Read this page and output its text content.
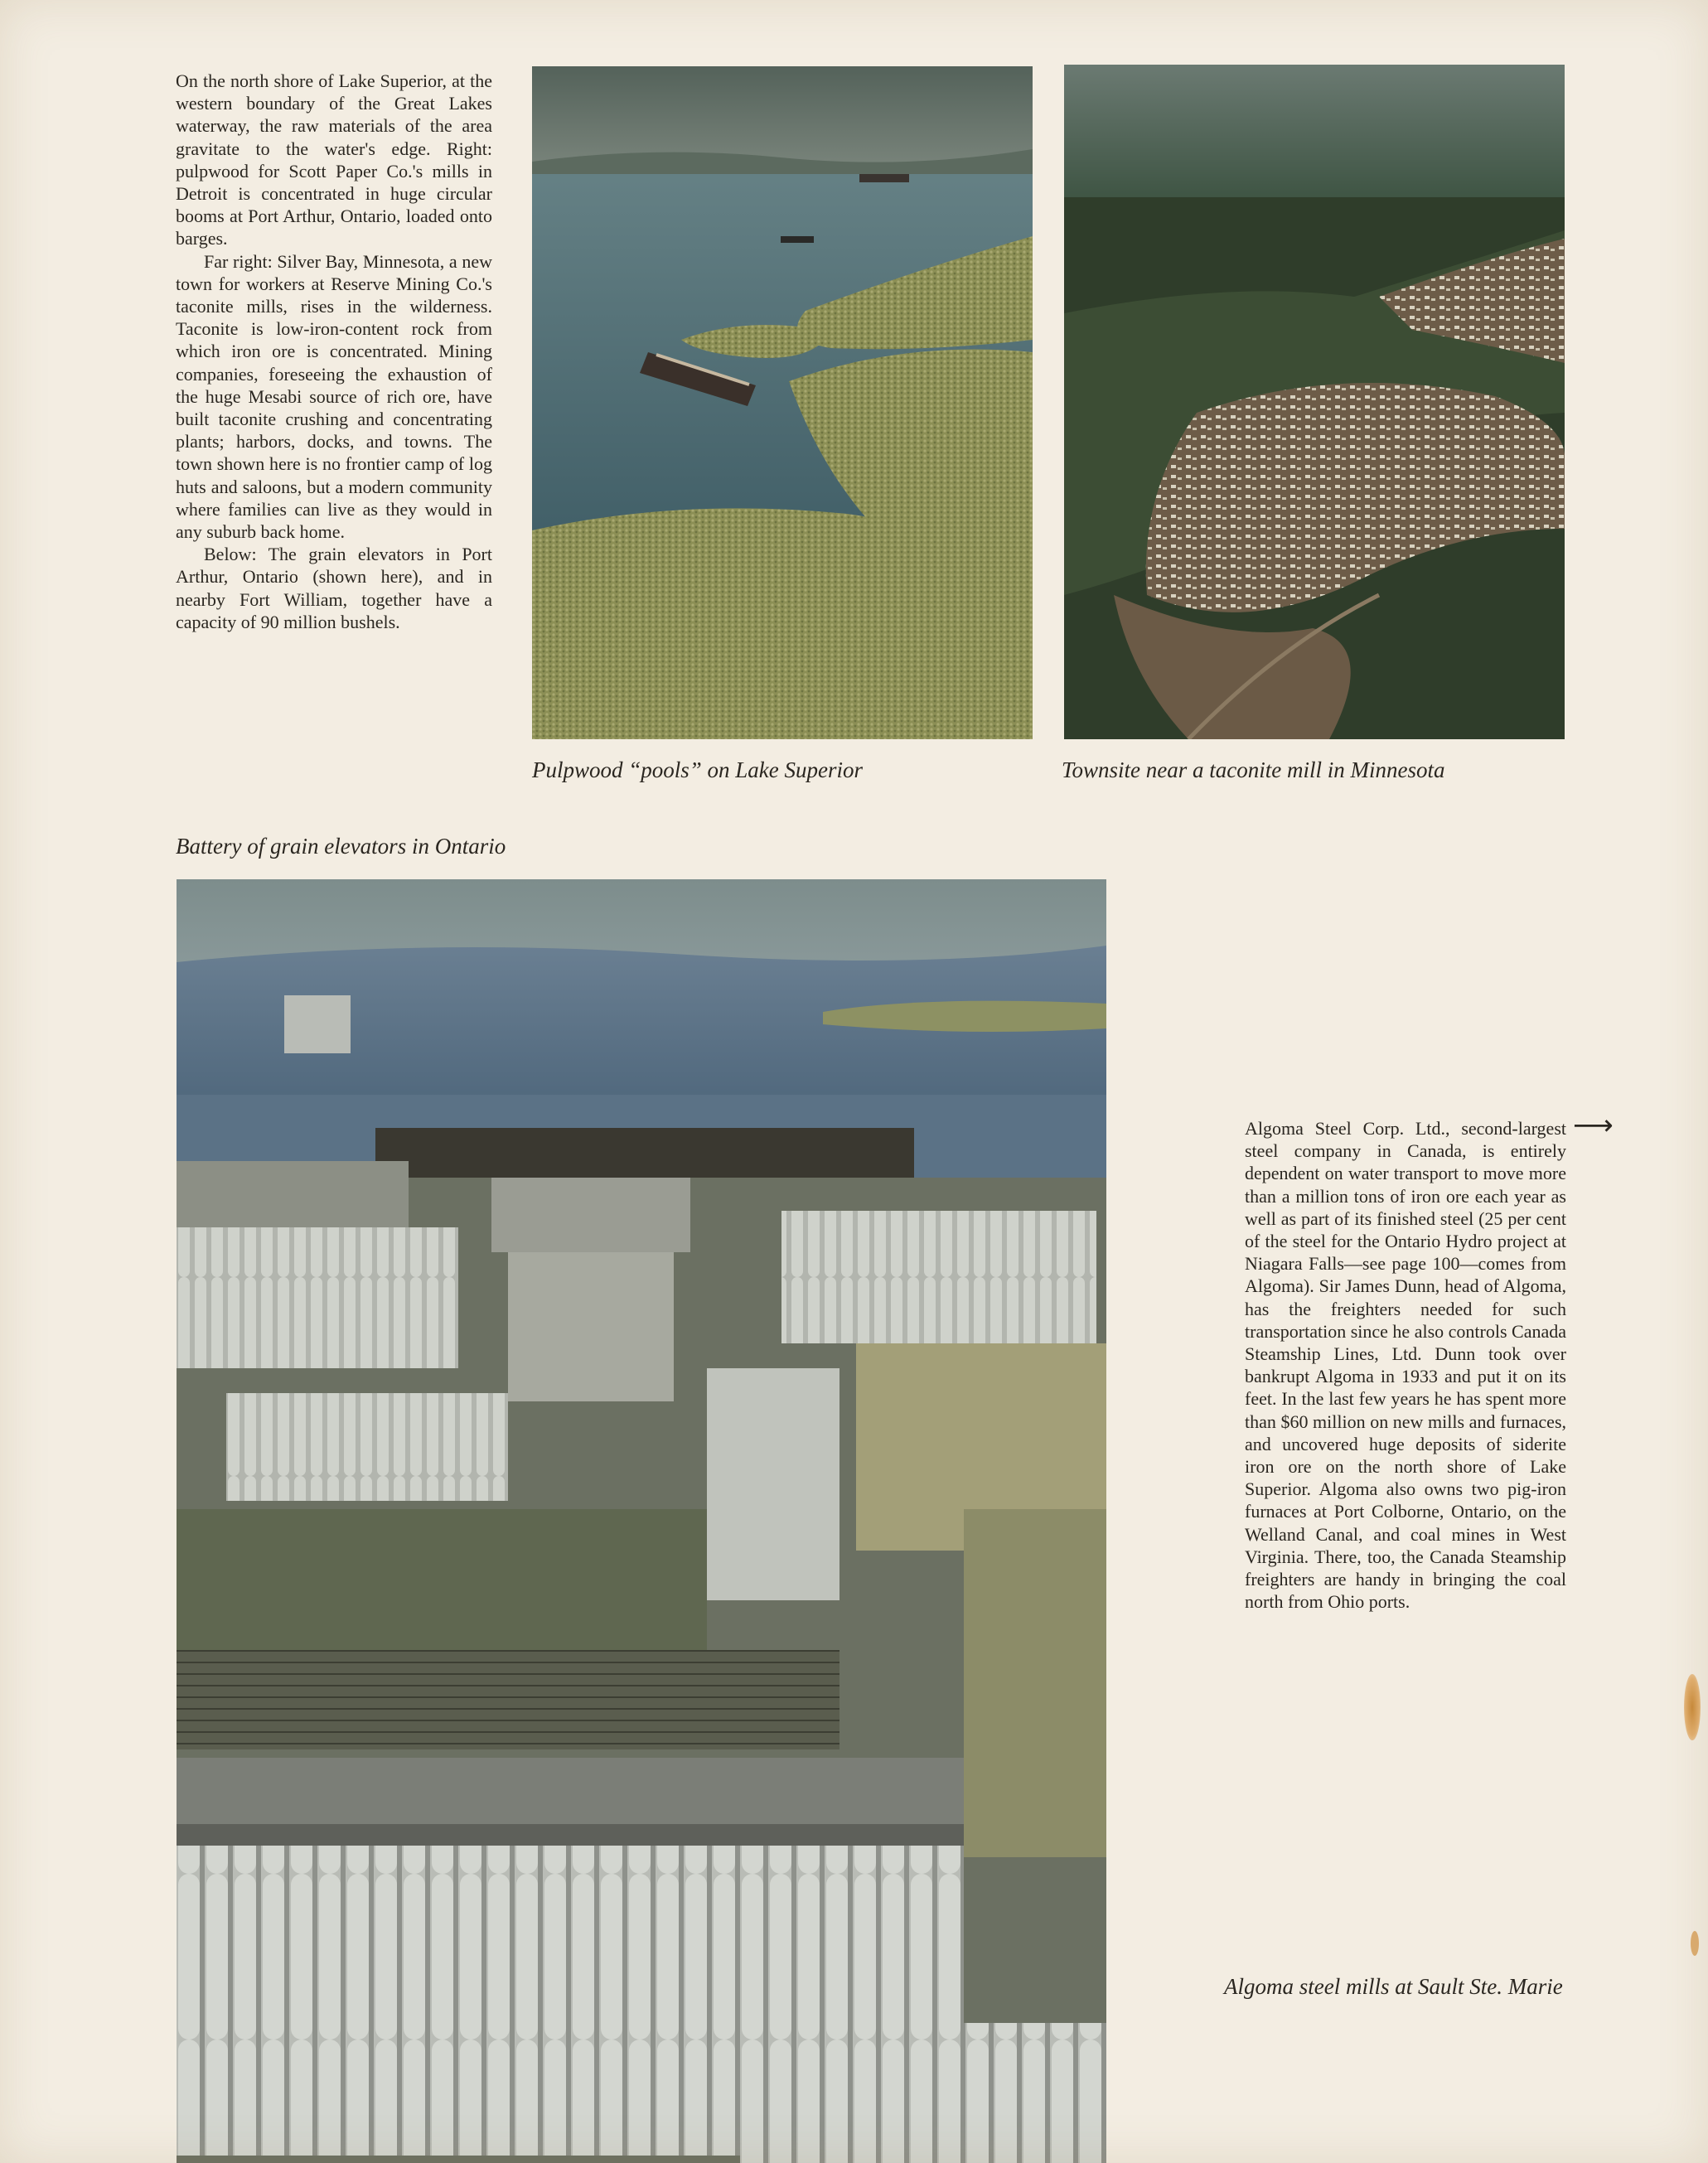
On the north shore of Lake Superior, at the western boundary of the Great Lakes waterway, the raw materials of the area gravitate to the water's edge. Right: pulpwood for Scott Paper Co.'s mills in Detroit is concentrated in huge circular booms at Port Arthur, Ontario, loaded onto barges.

Far right: Silver Bay, Minnesota, a new town for workers at Reserve Mining Co.'s taconite mills, rises in the wilderness. Taconite is low-iron-content rock from which iron ore is concentrated. Mining companies, foreseeing the exhaustion of the huge Mesabi source of rich ore, have built taconite crushing and concentrating plants; harbors, docks, and towns. The town shown here is no frontier camp of log huts and saloons, but a modern community where families can live as they would in any suburb back home.

Below: The grain elevators in Port Arthur, Ontario (shown here), and in nearby Fort William, together have a capacity of 90 million bushels.

Pulpwood “pools” on Lake Superior	Townsite near a taconite mill in Minnesota
Battery of grain elevators in Ontario

Algoma Steel Corp. Ltd., second-largest steel company in Canada, is entirely dependent on water transport to move more than a million tons of iron ore each year as well as part of its finished steel (25 per cent of the steel for the Ontario Hydro project at Niagara Falls—see page 100—comes from Algoma). Sir James Dunn, head of Algoma, has the freighters needed for such transportation since he also controls Canada Steamship Lines, Ltd. Dunn took over bankrupt Algoma in 1933 and put it on its feet. In the last few years he has spent more than $60 million on new mills and furnaces, and uncovered huge deposits of siderite iron ore on the north shore of Lake Superior. Algoma also owns two pig-iron furnaces at Port Colborne, Ontario, on the Welland Canal, and coal mines in West Virginia. There, too, the Canada Steamship freighters are handy in bringing the coal north from Ohio ports.

⟶
Algoma steel mills at Sault Ste. Marie
